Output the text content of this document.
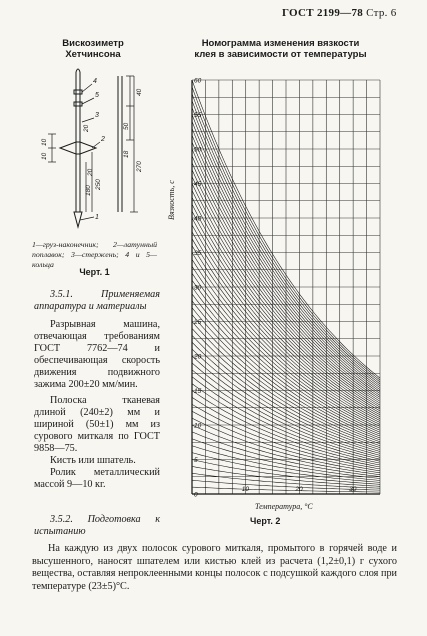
ГОСТ 2199—78 Стр. 6
Вискозиметр
Хетчинсона
4
5
3
2
1
40
50
18
10
10
270
250
180
20
20
1—груз-наконечник; 2—латунный поплавок; 3—стержень; 4 и 5—кольца
Черт. 1
Номограмма изменения вязкости
клея в зависимости от температуры
0
5
10
15
20
25
30
35
40
45
50
55
60
10	20	30
Вязкость, с
Температура, °С
Черт. 2
3.5.1. Применяемая аппаратура и материалы
Разрывная машина, отвечающая требованиям ГОСТ 7762—74 и обеспечивающая скорость движения подвижного зажима 200±20 мм/мин.
Полоска тканевая длиной (240±2) мм и шириной (50±1) мм из сурового миткаля по ГОСТ 9858—75.
Кисть или шпатель.
Ролик металлический массой 9—10 кг.
3.5.2. Подготовка к испытанию
На каждую из двух полосок сурового миткаля, промытого в горячей воде и высушенного, наносят шпателем или кистью клей из расчета (1,2±0,1) г сухого вещества, оставляя непроклеенными концы полосок с подсушкой каждого слоя при температуре (23±5)°С.
